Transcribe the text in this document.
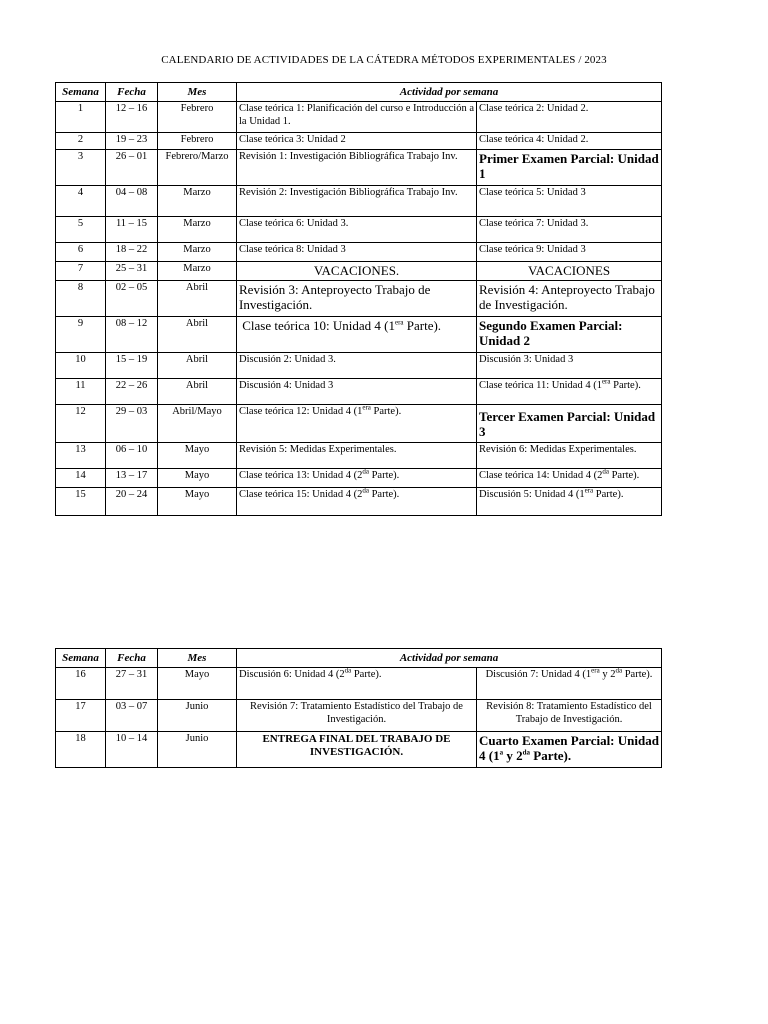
CALENDARIO DE ACTIVIDADES DE LA CÁTEDRA MÉTODOS EXPERIMENTALES / 2023
Semana	Fecha	Mes	Actividad por semana	
1	12 – 16	Febrero	Clase teórica 1: Planificación del curso e Introducción a la Unidad 1.	Clase teórica 2: Unidad 2.
2	19 – 23	Febrero	Clase teórica 3: Unidad 2	Clase teórica 4: Unidad 2.
3	26 – 01	Febrero/Marzo	Revisión 1: Investigación Bibliográfica Trabajo Inv.	Primer Examen Parcial: Unidad 1
4	04 – 08	Marzo	Revisión 2: Investigación Bibliográfica Trabajo Inv.	Clase teórica 5: Unidad 3
5	11 – 15	Marzo	Clase teórica 6: Unidad 3.	Clase teórica 7: Unidad 3.
6	18 – 22	Marzo	Clase teórica 8: Unidad 3	Clase teórica 9: Unidad 3
7	25 – 31	Marzo	VACACIONES.	VACACIONES
8	02 – 05	Abril	Revisión 3: Anteproyecto Trabajo de Investigación.	Revisión 4: Anteproyecto Trabajo de Investigación.
9	08 – 12	Abril	Clase teórica 10: Unidad 4 ($1^{era}$ Parte).	Segundo Examen Parcial: Unidad 2
10	15 – 19	Abril	Discusión 2: Unidad 3.	Discusión 3: Unidad 3
11	22 – 26	Abril	Discusión 4: Unidad 3	Clase teórica 11: Unidad 4 ($1^{era}$ Parte).
12	29 – 03	Abril/Mayo	Clase teórica 12: Unidad 4 ($1^{era}$ Parte).	Tercer Examen Parcial: Unidad 3
13	06 – 10	Mayo	Revisión 5: Medidas Experimentales.	Revisión 6: Medidas Experimentales.
14	13 – 17	Mayo	Clase teórica 13: Unidad 4 ($2^{da}$ Parte).	Clase teórica 14: Unidad 4 ($2^{da}$ Parte).
15	20 – 24	Mayo	Clase teórica 15: Unidad 4 ($2^{da}$ Parte).	Discusión 5: Unidad 4 ($1^{era}$ Parte).
Semana	Fecha	Mes	Actividad por semana	
16	27 – 31	Mayo	Discusión 6: Unidad 4 ($2^{da}$ Parte).	Discusión 7: Unidad 4 ($1^{era}$ y $2^{da}$ Parte).
17	03 – 07	Junio	Revisión 7: Tratamiento Estadístico del Trabajo de Investigación.	Revisión 8: Tratamiento Estadístico del Trabajo de Investigación.
18	10 – 14	Junio	ENTREGA FINAL DEL TRABAJO DE INVESTIGACIÓN.	Cuarto Examen Parcial: Unidad 4 (1$^a$ y $2^{da}$ Parte).
